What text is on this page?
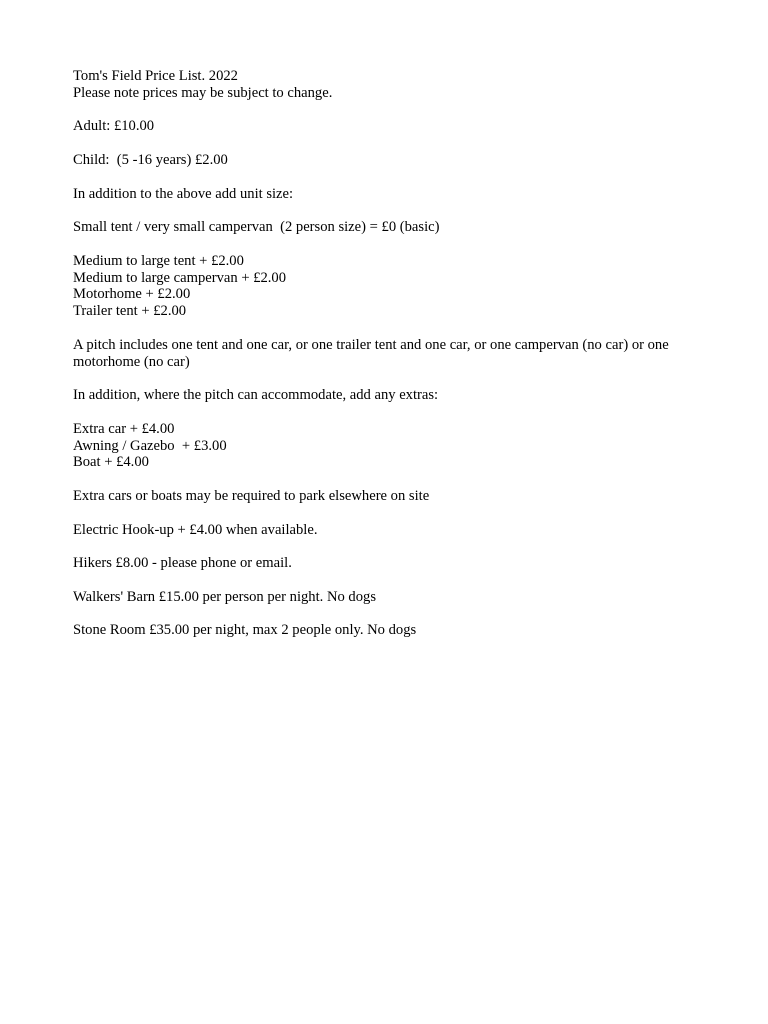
Tom's Field Price List. 2022
Please note prices may be subject to change.
Adult: £10.00
Child:  (5 -16 years) £2.00
In addition to the above add unit size:
Small tent / very small campervan  (2 person size) = £0 (basic)
Medium to large tent + £2.00
Medium to large campervan + £2.00
Motorhome + £2.00
Trailer tent + £2.00
A pitch includes one tent and one car, or one trailer tent and one car, or one campervan (no car) or one motorhome (no car)
In addition, where the pitch can accommodate, add any extras:
Extra car + £4.00
Awning / Gazebo  + £3.00
Boat + £4.00
Extra cars or boats may be required to park elsewhere on site
Electric Hook-up + £4.00 when available.
Hikers £8.00 - please phone or email.
Walkers' Barn £15.00 per person per night. No dogs
Stone Room £35.00 per night, max 2 people only. No dogs
